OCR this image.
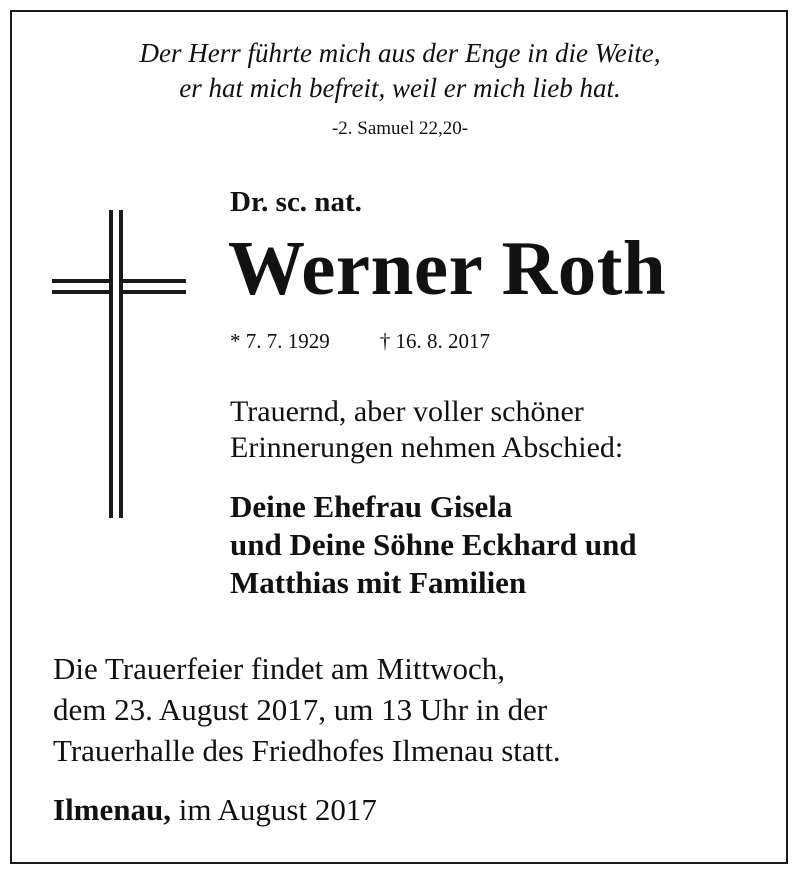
Der Herr führte mich aus der Enge in die Weite,
er hat mich befreit, weil er mich lieb hat.
-2. Samuel 22,20-
Dr. sc. nat.
Werner Roth
* 7. 7. 1929 † 16. 8. 2017
Trauernd, aber voller schöner
Erinnerungen nehmen Abschied:
Deine Ehefrau Gisela
und Deine Söhne Eckhard und
Matthias mit Familien
Die Trauerfeier findet am Mittwoch,
dem 23. August 2017, um 13 Uhr in der
Trauerhalle des Friedhofes Ilmenau statt.
Ilmenau, im August 2017
